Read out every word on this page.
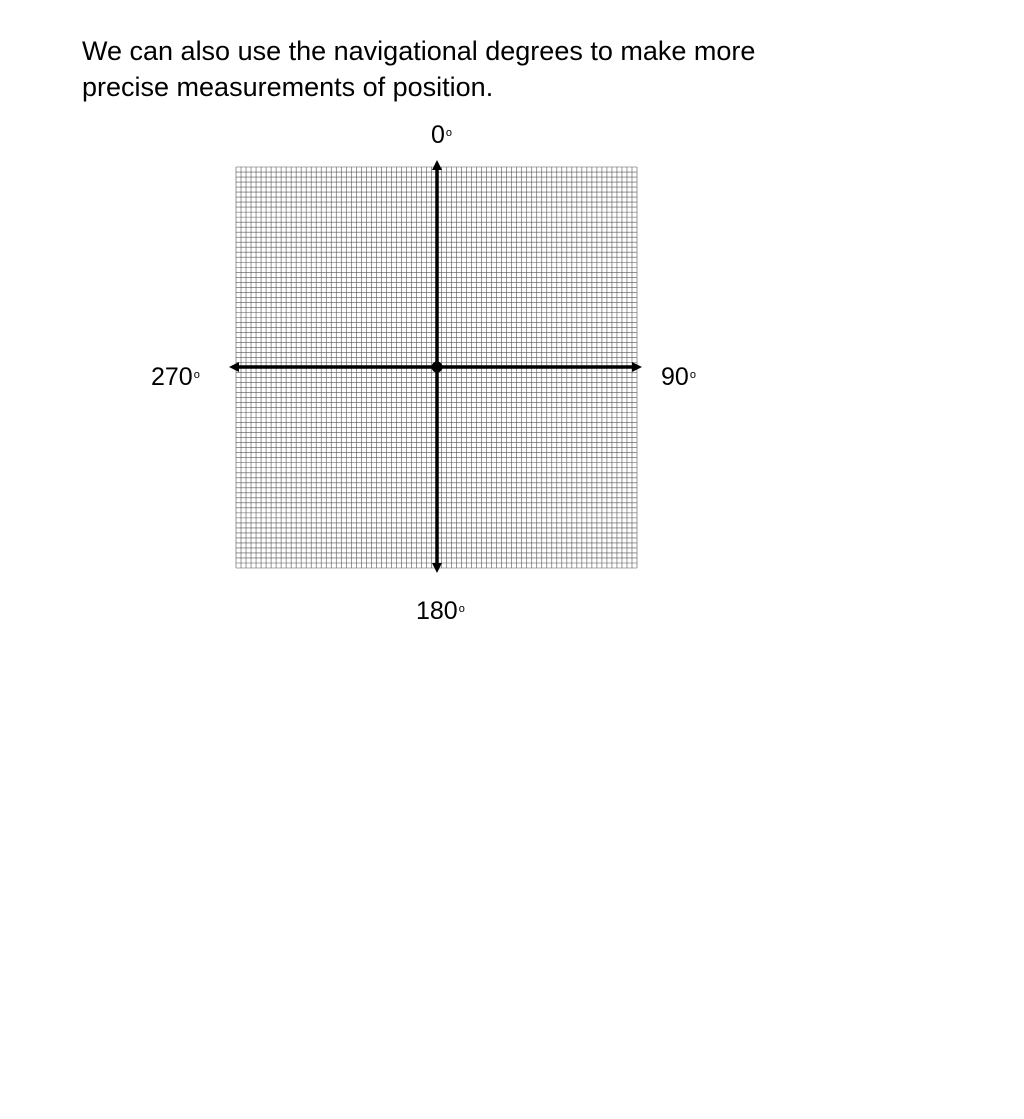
We can also use the navigational degrees to make more
precise measurements of position.

0$^o$
90$^o$
180$^o$
270$^o$
